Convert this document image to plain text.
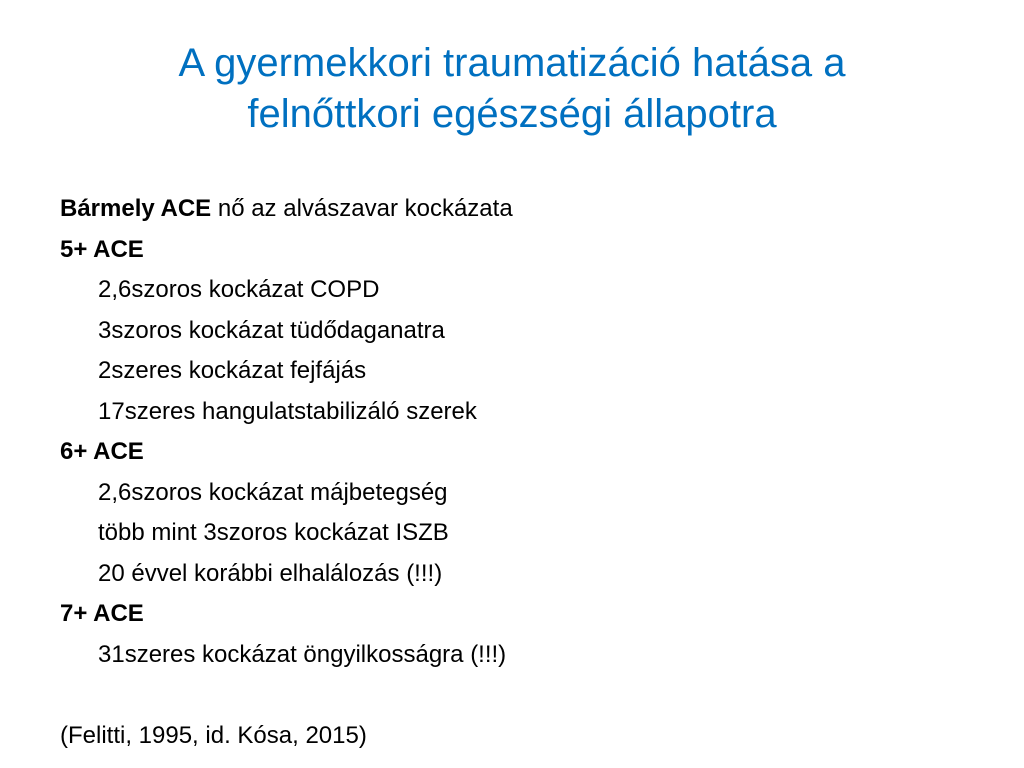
A gyermekkori traumatizáció hatása a
felnőttkori egészségi állapotra
Bármely ACE nő az alvászavar kockázata
5+ ACE
2,6szoros kockázat COPD
3szoros kockázat tüdődaganatra
2szeres kockázat fejfájás
17szeres hangulatstabilizáló szerek
6+ ACE
2,6szoros kockázat májbetegség
több mint 3szoros kockázat ISZB
20 évvel korábbi elhalálozás (!!!)
7+ ACE
31szeres kockázat öngyilkosságra (!!!)
(Felitti, 1995, id. Kósa, 2015)
